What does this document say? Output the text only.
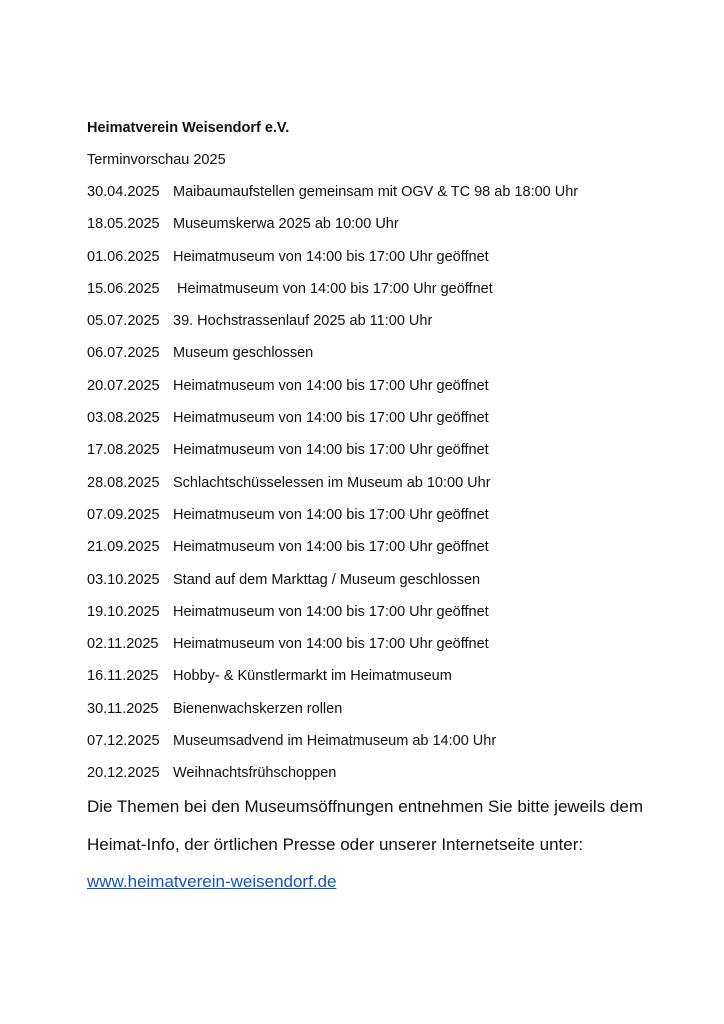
Heimatverein Weisendorf e.V.
Terminvorschau 2025
30.04.2025 Maibaumaufstellen gemeinsam mit OGV & TC 98 ab 18:00 Uhr
18.05.2025 Museumskerwa 2025 ab 10:00 Uhr
01.06.2025 Heimatmuseum von 14:00 bis 17:00 Uhr geöffnet
15.06.2025 Heimatmuseum von 14:00 bis 17:00 Uhr geöffnet
05.07.2025 39. Hochstrassenlauf 2025 ab 11:00 Uhr
06.07.2025 Museum geschlossen
20.07.2025 Heimatmuseum von 14:00 bis 17:00 Uhr geöffnet
03.08.2025 Heimatmuseum von 14:00 bis 17:00 Uhr geöffnet
17.08.2025 Heimatmuseum von 14:00 bis 17:00 Uhr geöffnet
28.08.2025 Schlachtschüsselessen im Museum ab 10:00 Uhr
07.09.2025 Heimatmuseum von 14:00 bis 17:00 Uhr geöffnet
21.09.2025 Heimatmuseum von 14:00 bis 17:00 Uhr geöffnet
03.10.2025 Stand auf dem Markttag / Museum geschlossen
19.10.2025 Heimatmuseum von 14:00 bis 17:00 Uhr geöffnet
02.11.2025 Heimatmuseum von 14:00 bis 17:00 Uhr geöffnet
16.11.2025 Hobby- & Künstlermarkt im Heimatmuseum
30.11.2025 Bienenwachskerzen rollen
07.12.2025 Museumsadvend im Heimatmuseum ab 14:00 Uhr
20.12.2025 Weihnachtsfrühschoppen

Die Themen bei den Museumsöffnungen entnehmen Sie bitte jeweils dem

Heimat-Info, der örtlichen Presse oder unserer Internetseite unter:

www.heimatverein-weisendorf.de
